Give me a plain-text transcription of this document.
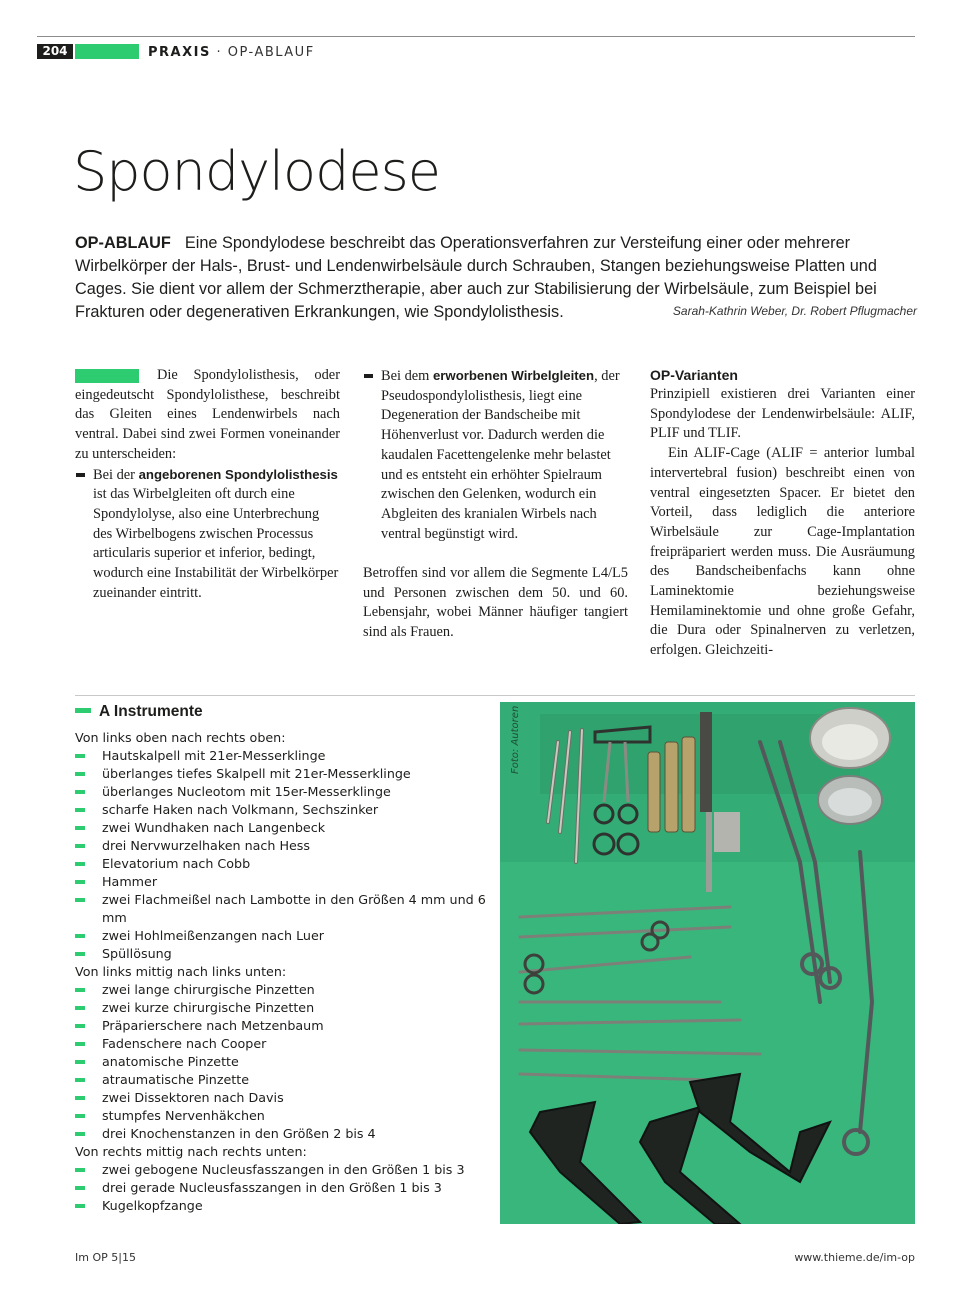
204	PRAXIS · OP-ABLAUF
Spondylodese
OP-ABLAUF Eine Spondylodese beschreibt das Operationsverfahren zur Versteifung einer oder mehrerer Wirbelkörper der Hals-, Brust- und Lendenwirbelsäule durch Schrauben, Stangen beziehungsweise Platten und Cages. Sie dient vor allem der Schmerztherapie, aber auch zur Stabilisierung der Wirbelsäule, zum Beispiel bei Frakturen oder degenerativen Erkrankungen, wie Spondylolisthesis.	Sarah-Kathrin Weber, Dr. Robert Pflugmacher

Die Spondylolisthesis, oder eingedeutscht Spondylolisthese, beschreibt das Gleiten eines Lendenwirbels nach ventral. Dabei sind zwei Formen voneinander zu unterscheiden:

Bei der angeborenen Spondylolisthesis ist das Wirbelgleiten oft durch eine Spondylolyse, also eine Unterbrechung des Wirbelbogens zwischen Processus articularis superior et inferior, bedingt, wodurch eine Instabilität der Wirbelkörper zueinander eintritt.
Bei dem erworbenen Wirbelgleiten, der Pseudospondylolisthesis, liegt eine Degeneration der Bandscheibe mit Höhenverlust vor. Dadurch werden die kaudalen Facettengelenke mehr belastet und es entsteht ein erhöhter Spielraum zwischen den Gelenken, wodurch ein Abgleiten des kranialen Wirbels nach ventral begünstigt wird.

Betroffen sind vor allem die Segmente L4/L5 und Personen zwischen dem 50. und 60. Lebensjahr, wobei Männer häufiger tangiert sind als Frauen.

OP-Varianten

Prinzipiell existieren drei Varianten einer Spondylodese der Lendenwirbelsäule: ALIF, PLIF und TLIF.

Ein ALIF-Cage (ALIF = anterior lumbal intervertebral fusion) beschreibt einen von ventral eingesetzten Spacer. Er bietet den Vorteil, dass lediglich die anteriore Wirbelsäule zur Cage-Implantation freipräpariert werden muss. Die Ausräumung des Bandscheibenfachs kann ohne Laminektomie beziehungsweise Hemilaminektomie und ohne große Gefahr, die Dura oder Spinalnerven zu verletzen, erfolgen. Gleichzeiti-

A Instrumente

Von links oben nach rechts oben:

Hautskalpell mit 21er-Messerklinge
überlanges tiefes Skalpell mit 21er-Messerklinge
überlanges Nucleotom mit 15er-Messerklinge
scharfe Haken nach Volkmann, Sechszinker
zwei Wundhaken nach Langenbeck
drei Nervwurzelhaken nach Hess
Elevatorium nach Cobb
Hammer
zwei Flachmeißel nach Lambotte in den Größen 4 mm und 6 mm
zwei Hohlmeißenzangen nach Luer
Spüllösung

Von links mittig nach links unten:

zwei lange chirurgische Pinzetten
zwei kurze chirurgische Pinzetten
Präparierschere nach Metzenbaum
Fadenschere nach Cooper
anatomische Pinzette
atraumatische Pinzette
zwei Dissektoren nach Davis
stumpfes Nervenhäkchen
drei Knochenstanzen in den Größen 2 bis 4

Von rechts mittig nach rechts unten:

zwei gebogene Nucleusfasszangen in den Größen 1 bis 3
drei gerade Nucleusfasszangen in den Größen 1 bis 3
Kugelkopfzange
Foto: Autoren
Im OP 5|15	www.thieme.de/im-op
